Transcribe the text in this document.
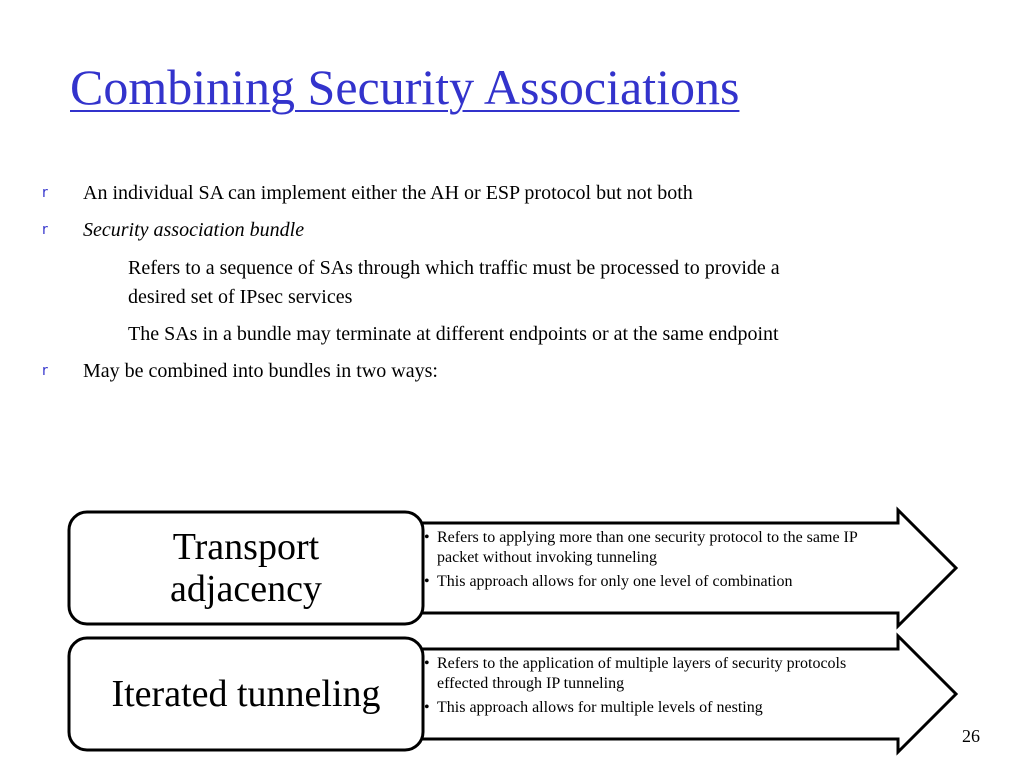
Combining Security Associations
r An individual SA can implement either the AH or ESP protocol but not both
r Security association bundle
Refers to a sequence of SAs through which traffic must be processed to provide a
desired set of IPsec services
The SAs in a bundle may terminate at different endpoints or at the same endpoint
r May be combined into bundles in two ways:
Transport
adjacency
Iterated tunneling
• Refers to applying more than one security protocol to the same IP packet without invoking tunneling
• This approach allows for only one level of combination
• Refers to the application of multiple layers of security protocols effected through IP tunneling
• This approach allows for multiple levels of nesting
26
